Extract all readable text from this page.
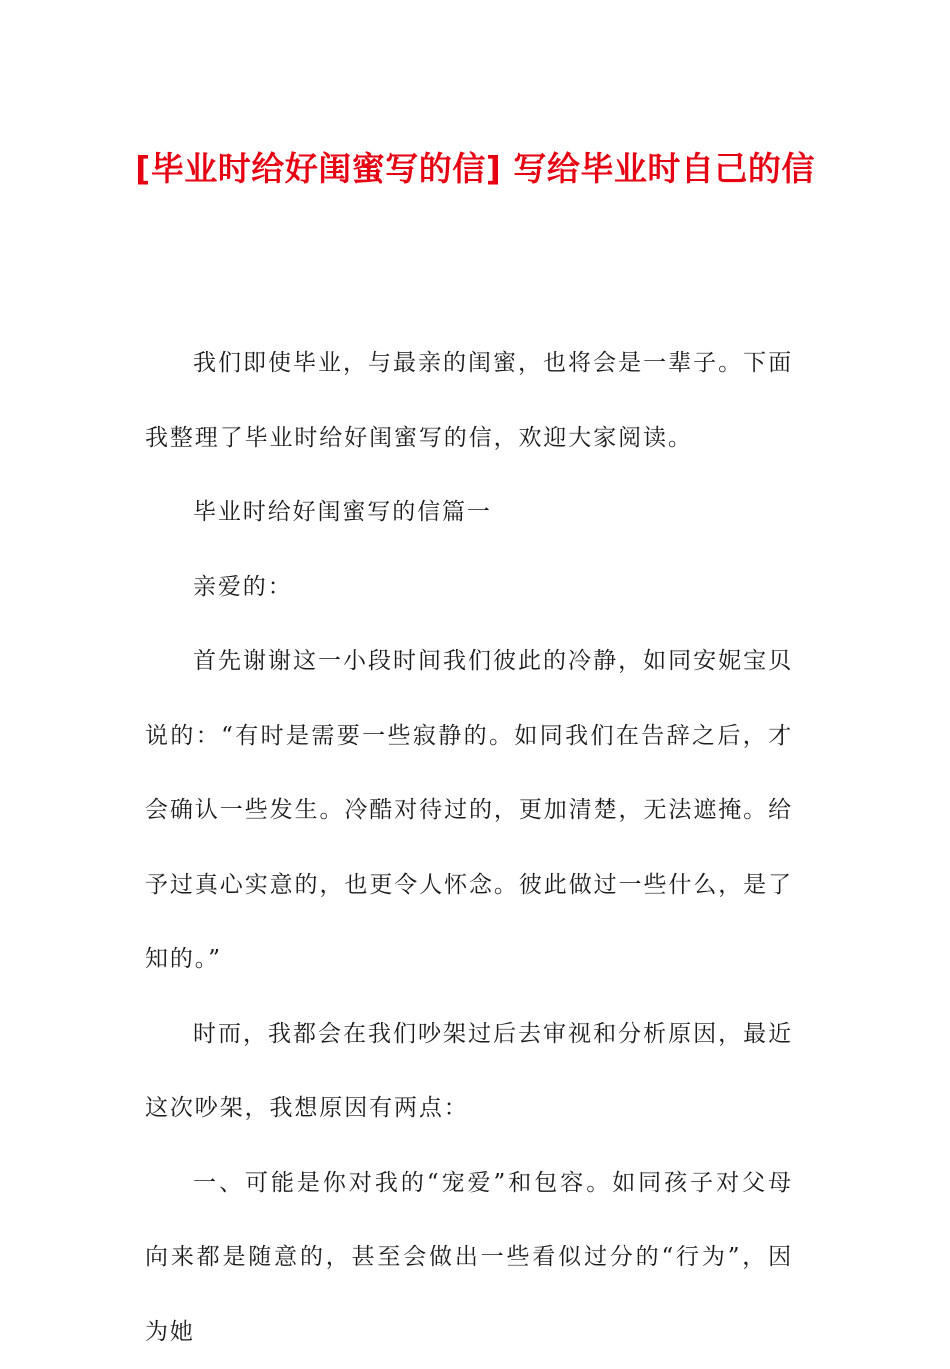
[毕业时给好闺蜜写的信] 写给毕业时自己的信

我们即使毕业，与最亲的闺蜜，也将会是一辈子。下面我整理了毕业时给好闺蜜写的信，欢迎大家阅读。

毕业时给好闺蜜写的信篇一

亲爱的：

首先谢谢这一小段时间我们彼此的冷静，如同安妮宝贝说的：“有时是需要一些寂静的。如同我们在告辞之后，才会确认一些发生。冷酷对待过的，更加清楚，无法遮掩。给予过真心实意的，也更令人怀念。彼此做过一些什么，是了知的。”

时而，我都会在我们吵架过后去审视和分析原因，最近这次吵架，我想原因有两点：

一、可能是你对我的“宠爱”和包容。如同孩子对父母向来都是随意的，甚至会做出一些看似过分的“行为”，因为她
